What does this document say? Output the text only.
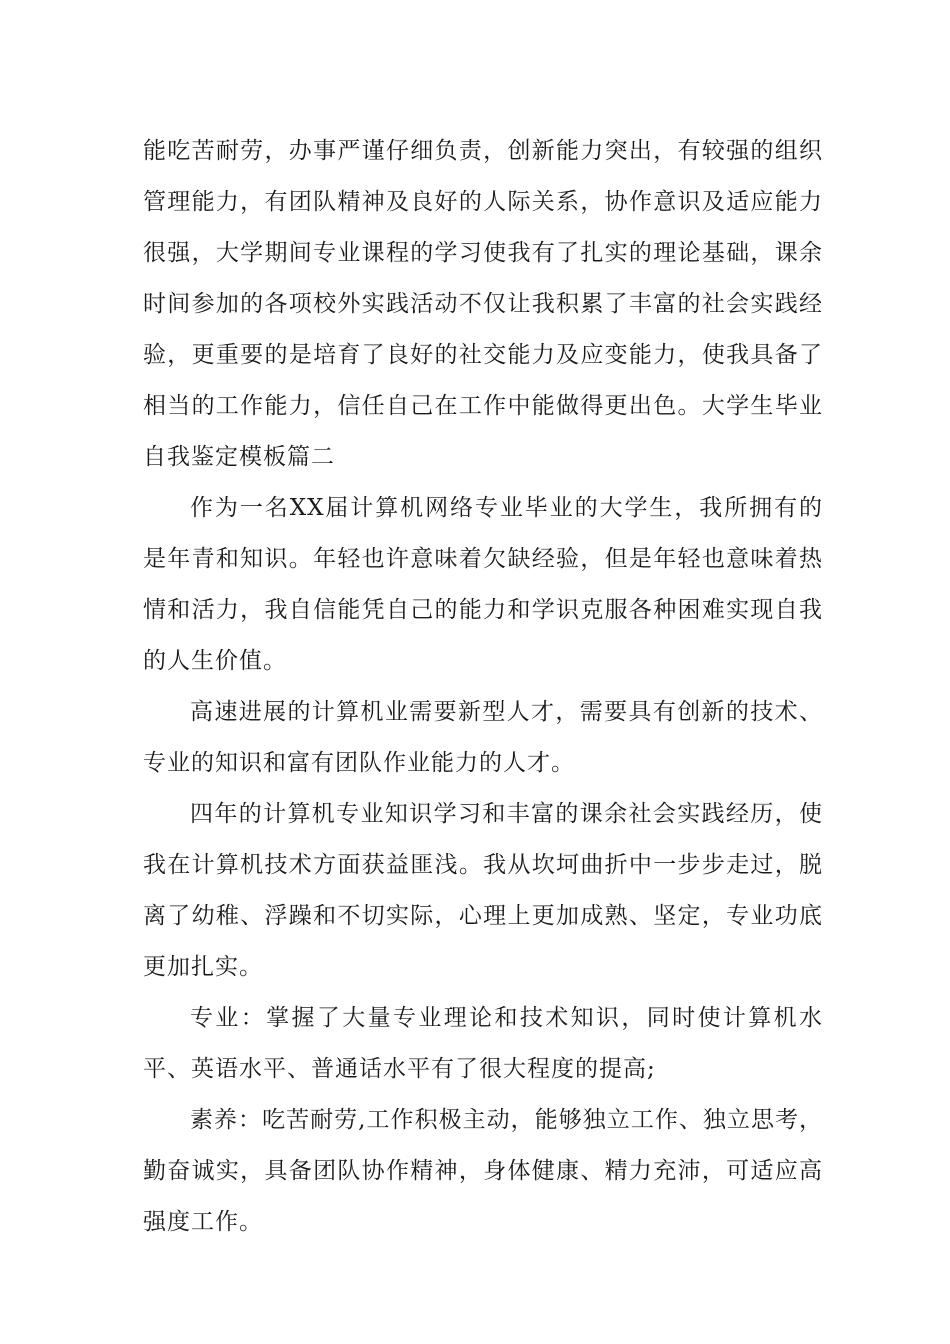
能吃苦耐劳，办事严谨仔细负责，创新能力突出，有较强的组织管理能力，有团队精神及良好的人际关系，协作意识及适应能力很强，大学期间专业课程的学习使我有了扎实的理论基础，课余时间参加的各项校外实践活动不仅让我积累了丰富的社会实践经验，更重要的是培育了良好的社交能力及应变能力，使我具备了相当的工作能力，信任自己在工作中能做得更出色。大学生毕业自我鉴定模板篇二

作为一名XX届计算机网络专业毕业的大学生，我所拥有的是年青和知识。年轻也许意味着欠缺经验，但是年轻也意味着热情和活力，我自信能凭自己的能力和学识克服各种困难实现自我的人生价值。

高速进展的计算机业需要新型人才，需要具有创新的技术、专业的知识和富有团队作业能力的人才。

四年的计算机专业知识学习和丰富的课余社会实践经历，使我在计算机技术方面获益匪浅。我从坎坷曲折中一步步走过，脱离了幼稚、浮躁和不切实际，心理上更加成熟、坚定，专业功底更加扎实。

专业：掌握了大量专业理论和技术知识，同时使计算机水平、英语水平、普通话水平有了很大程度的提高;

素养：吃苦耐劳,工作积极主动，能够独立工作、独立思考，勤奋诚实，具备团队协作精神，身体健康、精力充沛，可适应高强度工作。
